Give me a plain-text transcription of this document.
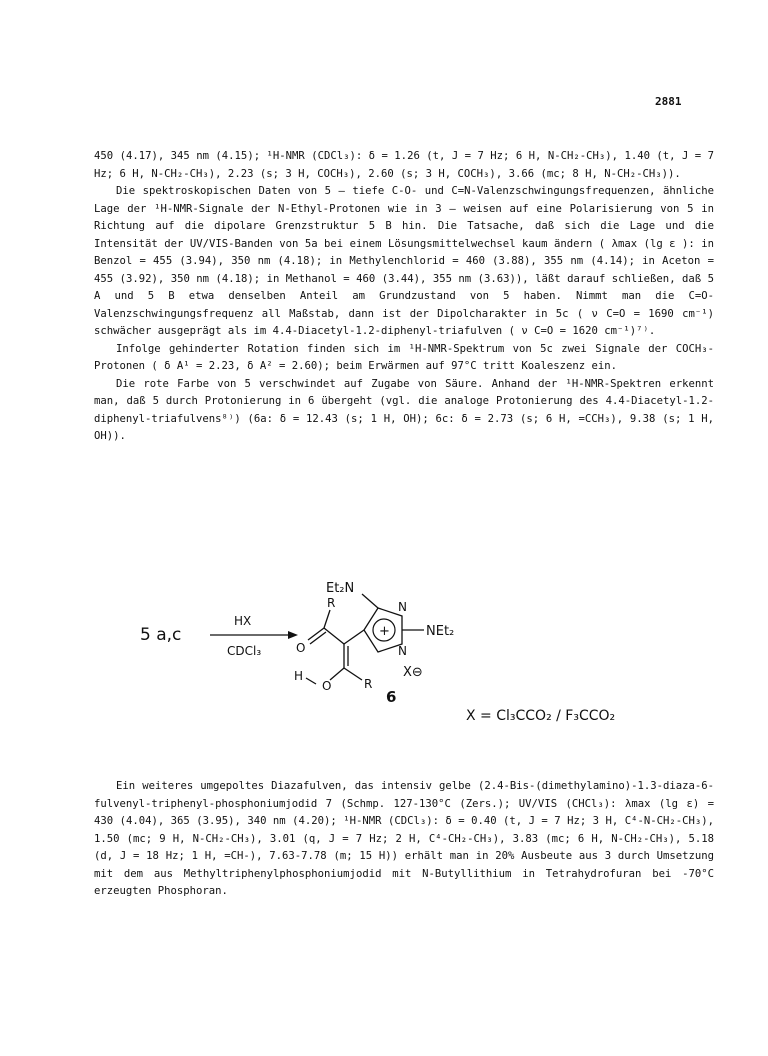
2881

450 (4.17), 345 nm (4.15); ¹H-NMR (CDCl₃): δ = 1.26 (t, J = 7 Hz; 6 H, N-CH₂-CH₃), 1.40 (t, J = 7 Hz; 6 H, N-CH₂-CH₃), 2.23 (s; 3 H, COCH₃), 2.60 (s; 3 H, COCH₃), 3.66 (mc; 8 H, N-CH₂-CH₃)).

Die spektroskopischen Daten von 5 – tiefe C-O- und C=N-Valenzschwingungsfrequenzen, ähnliche Lage der ¹H-NMR-Signale der N-Ethyl-Protonen wie in 3 – weisen auf eine Polarisierung von 5 in Richtung auf die dipolare Grenzstruktur 5 B hin. Die Tatsache, daß sich die Lage und die Intensität der UV/VIS-Banden von 5a bei einem Lösungsmittelwechsel kaum ändern ( λmax (lg ε ): in Benzol = 455 (3.94), 350 nm (4.18); in Methylenchlorid = 460 (3.88), 355 nm (4.14); in Aceton = 455 (3.92), 350 nm (4.18); in Methanol = 460 (3.44), 355 nm (3.63)), läßt darauf schließen, daß 5 A und 5 B etwa denselben Anteil am Grundzustand von 5 haben. Nimmt man die C=O-Valenzschwingungsfrequenz all Maßstab, dann ist der Dipolcharakter in 5c ( ν C=O = 1690 cm⁻¹) schwächer ausgeprägt als im 4.4-Diacetyl-1.2-diphenyl-triafulven ( ν C=O = 1620 cm⁻¹)⁷⁾.

Infolge gehinderter Rotation finden sich im ¹H-NMR-Spektrum von 5c zwei Signale der COCH₃-Protonen ( δ A¹ = 2.23, δ A² = 2.60); beim Erwärmen auf 97°C tritt Koaleszenz ein.

Die rote Farbe von 5 verschwindet auf Zugabe von Säure. Anhand der ¹H-NMR-Spektren erkennt man, daß 5 durch Protonierung in 6 übergeht (vgl. die analoge Protonierung des 4.4-Diacetyl-1.2-diphenyl-triafulvens⁸⁾) (6a: δ = 12.43 (s; 1 H, OH); 6c: δ = 2.73 (s; 6 H, =CCH₃), 9.38 (s; 1 H, OH)).

5 a,c
HX
CDCl₃
+
N
N
NEt₂
Et₂N
R
O
R
O
H	X⊖
6
X = Cl₃CCO₂ / F₃CCO₂

Ein weiteres umgepoltes Diazafulven, das intensiv gelbe (2.4-Bis-(dimethylamino)-1.3-diaza-6-fulvenyl-triphenyl-phosphoniumjodid 7 (Schmp. 127-130°C (Zers.); UV/VIS (CHCl₃): λmax (lg ε) = 430 (4.04), 365 (3.95), 340 nm (4.20); ¹H-NMR (CDCl₃): δ = 0.40 (t, J = 7 Hz; 3 H, C⁴-N-CH₂-CH₃), 1.50 (mc; 9 H, N-CH₂-CH₃), 3.01 (q, J = 7 Hz; 2 H, C⁴-CH₂-CH₃), 3.83 (mc; 6 H, N-CH₂-CH₃), 5.18 (d, J = 18 Hz; 1 H, =CH-), 7.63-7.78 (m; 15 H)) erhält man in 20% Ausbeute aus 3 durch Umsetzung mit dem aus Methyltriphenylphosphoniumjodid mit N-Butyllithium in Tetrahydrofuran bei -70°C erzeugten Phosphoran.
